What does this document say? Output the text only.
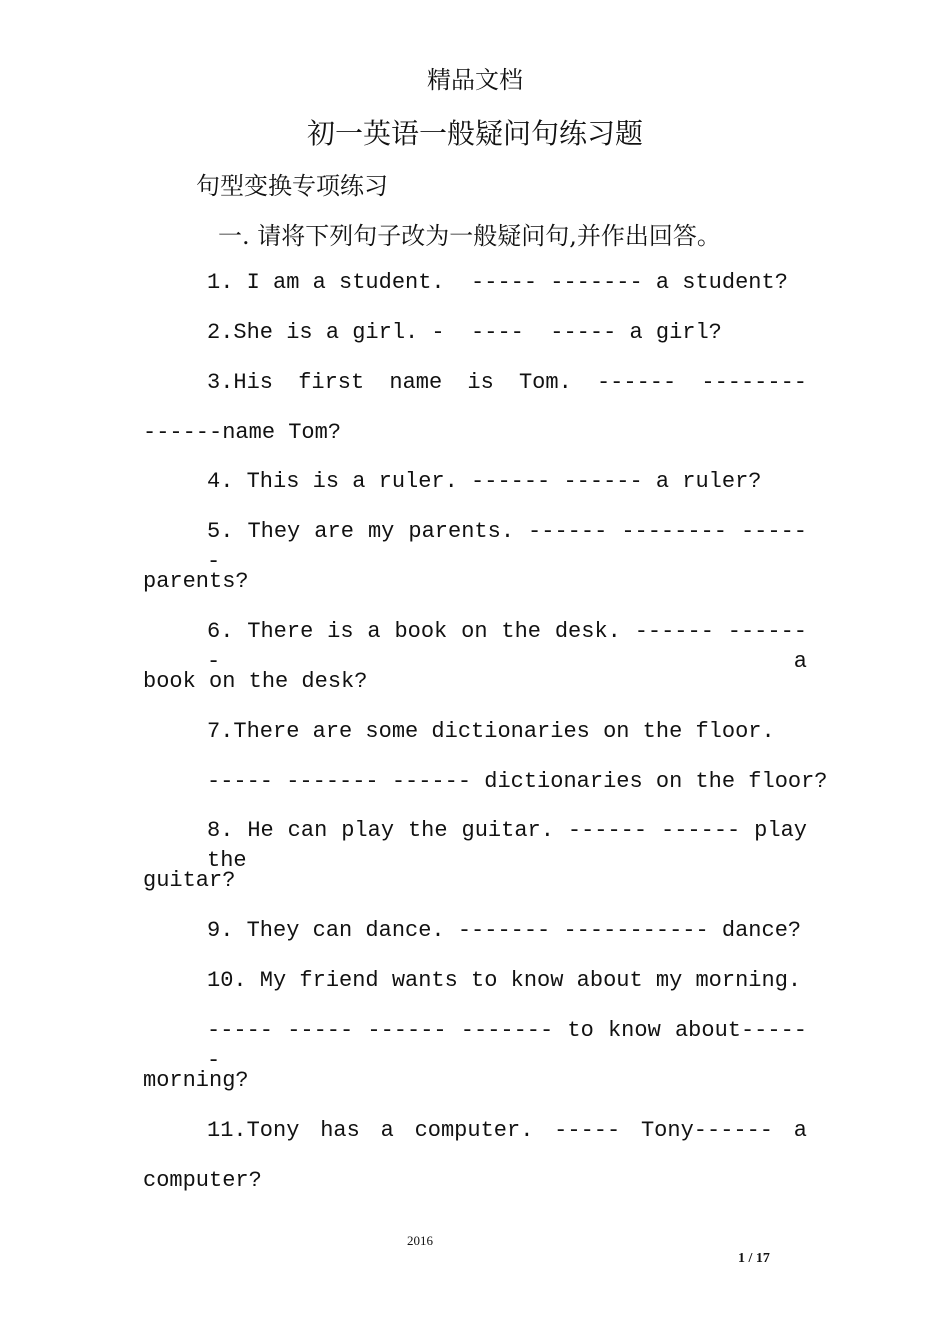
精品文档
初一英语一般疑问句练习题
句型变换专项练习
一. 请将下列句子改为一般疑问句,并作出回答。
1. I am a student.  ----- ------- a student?
2.She is a girl. -  ----  ----- a girl?
3.His first name is Tom. ------ --------
------name Tom?
4. This is a ruler. ------ ------ a ruler?
5. They are my parents. ------ -------- ------
parents?
6. There is a book on the desk. ------ ------- a
book on the desk?
7.There are some dictionaries on the floor.
----- ------- ------ dictionaries on the floor?
8. He can play the guitar. ------ ------ play the
guitar?
9. They can dance. ------- ----------- dance?
10. My friend wants to know about my morning.
----- ----- ------ ------- to know about------
morning?
11.Tony has a computer. ----- Tony------ a
computer?
2016
1 / 17
